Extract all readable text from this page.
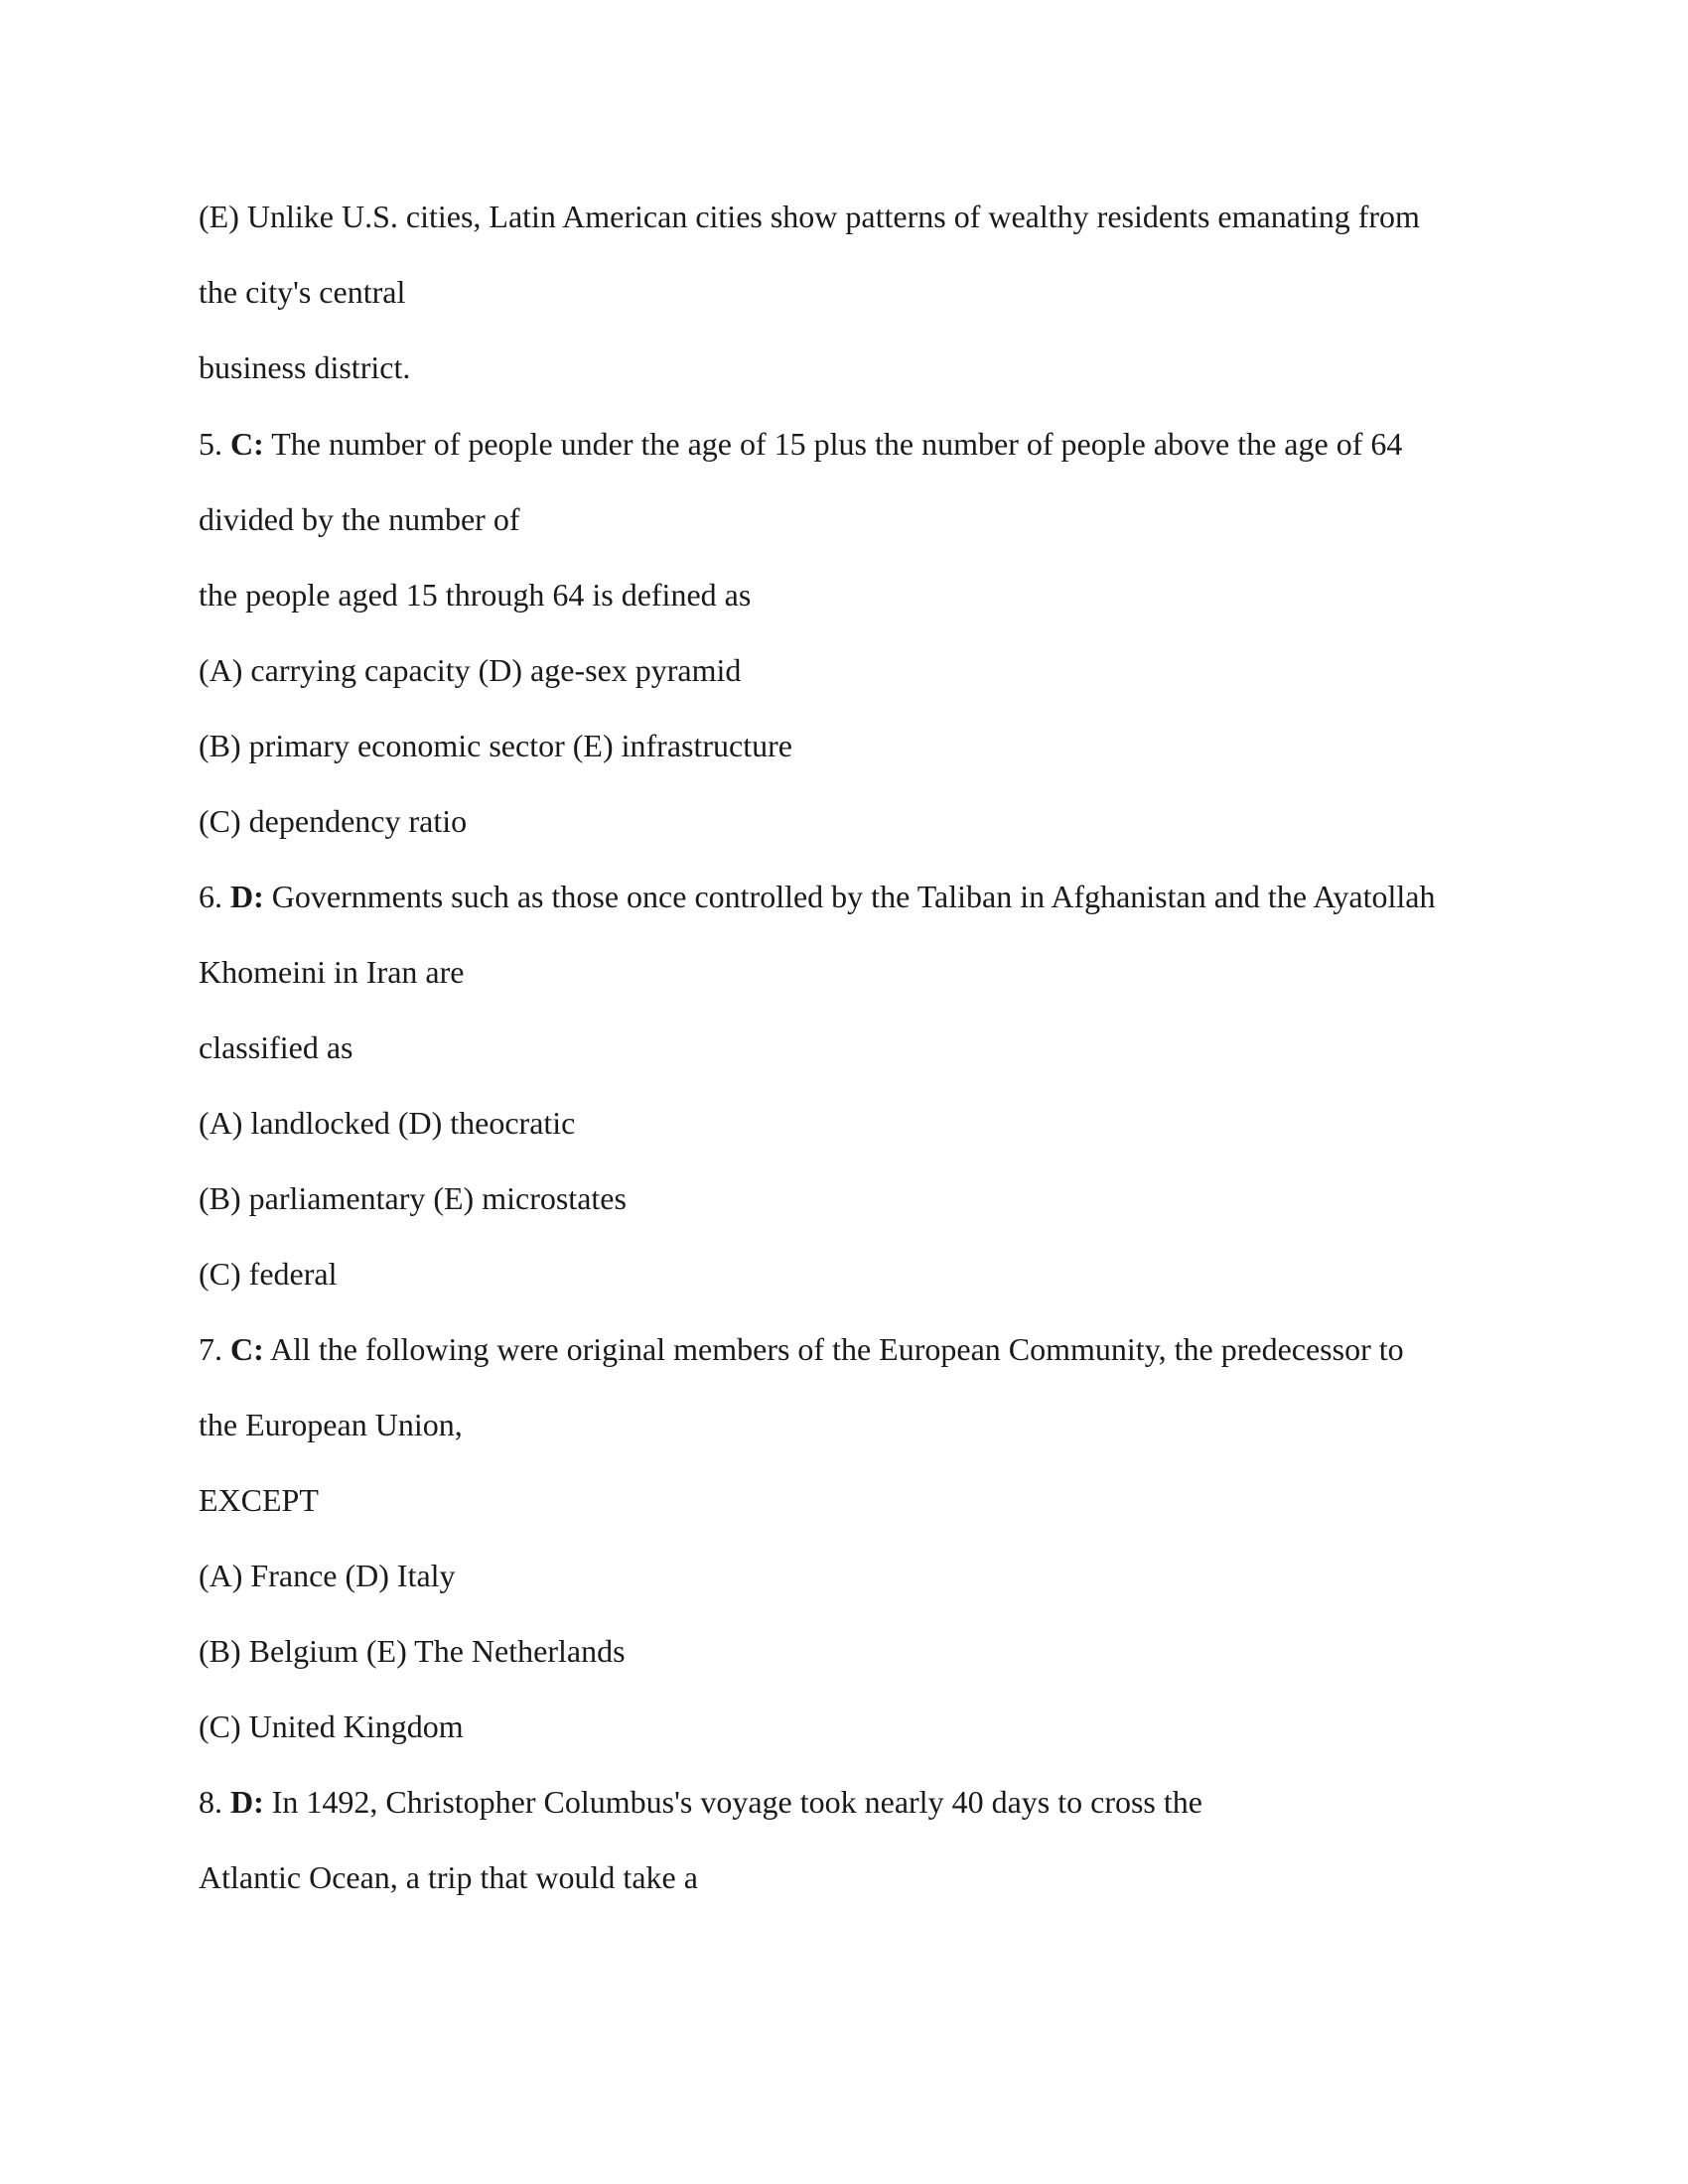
(E) Unlike U.S. cities, Latin American cities show patterns of wealthy residents emanating from
the city's central
business district.
5. C: The number of people under the age of 15 plus the number of people above the age of 64
divided by the number of
the people aged 15 through 64 is defined as
(A) carrying capacity (D) age-sex pyramid
(B) primary economic sector (E) infrastructure
(C) dependency ratio
6. D: Governments such as those once controlled by the Taliban in Afghanistan and the Ayatollah
Khomeini in Iran are
classified as
(A) landlocked (D) theocratic
(B) parliamentary (E) microstates
(C) federal
7. C: All the following were original members of the European Community, the predecessor to
the European Union,
EXCEPT
(A) France (D) Italy
(B) Belgium (E) The Netherlands
(C) United Kingdom
8. D: In 1492, Christopher Columbus's voyage took nearly 40 days to cross the
Atlantic Ocean, a trip that would take a
